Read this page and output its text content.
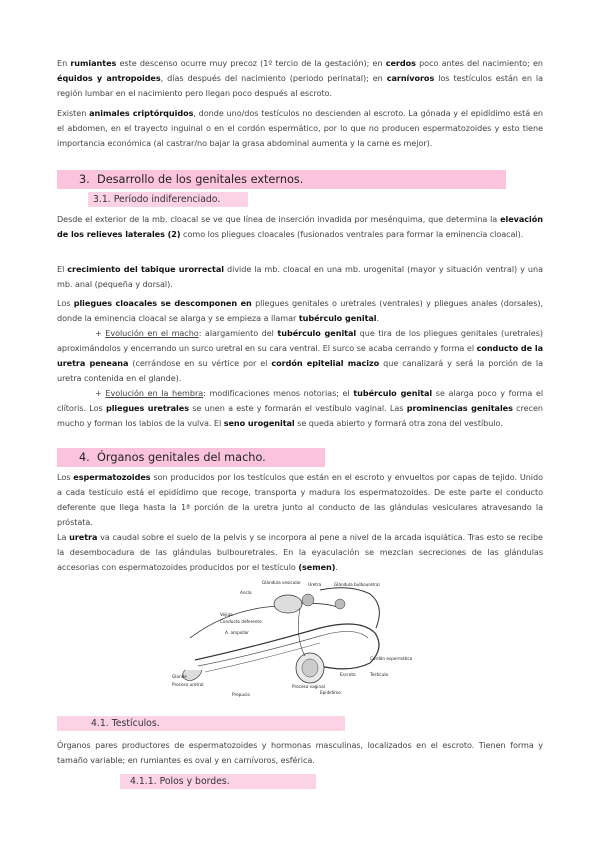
En rumiantes este descenso ocurre muy precoz (1º tercio de la gestación); en cerdos poco antes del nacimiento; en équidos y antropoides, días después del nacimiento (periodo perinatal); en carnívoros los testículos están en la región lumbar en el nacimiento pero llegan poco después al escroto.
Existen animales criptórquidos, donde uno/dos testículos no descienden al escroto. La gónada y el epidídimo está en el abdomen, en el trayecto inguinal o en el cordón espermático, por lo que no producen espermatozoides y esto tiene importancia económica (al castrar/no bajar la grasa abdominal aumenta y la carne es mejor).
3. Desarrollo de los genitales externos.
3.1. Período indiferenciado.
Desde el exterior de la mb. cloacal se ve que línea de inserción invadida por mesénquima, que determina la elevación de los relieves laterales (2) como los pliegues cloacales (fusionados ventrales para formar la eminencia cloacal).
El crecimiento del tabique urorrectal divide la mb. cloacal en una mb. urogenital (mayor y situación ventral) y una mb. anal (pequeña y dorsal).
Los pliegues cloacales se descomponen en pliegues genitales o uretrales (ventrales) y pliegues anales (dorsales), donde la eminencia cloacal se alarga y se empieza a llamar tubérculo genital.
+ Evolución en el macho: alargamiento del tubérculo genital que tira de los pliegues genitales (uretrales) aproximándolos y encerrando un surco uretral en su cara ventral. El surco se acaba cerrando y forma el conducto de la uretra peneana (cerrándose en su vértice por el cordón epitelial macizo que canalizará y será la porción de la uretra contenida en el glande).
+ Evolución en la hembra: modificaciones menos notorias; el tubérculo genital se alarga poco y forma el clítoris. Los pliegues uretrales se unen a este y formarán el vestíbulo vaginal. Las prominencias genitales crecen mucho y forman los labios de la vulva. El seno urogenital se queda abierto y formará otra zona del vestíbulo.
4. Órganos genitales del macho.
Los espermatozoides son producidos por los testículos que están en el escroto y envueltos por capas de tejido. Unido a cada testículo está el epidídimo que recoge, transporta y madura los espermatozoides. De este parte el conducto deferente que llega hasta la 1ª porción de la uretra junto al conducto de las glándulas vesiculares atravesando la próstata.
La uretra va caudal sobre el suelo de la pelvis y se incorpora al pene a nivel de la arcada isquiática. Tras esto se recibe la desembocadura de las glándulas bulbouretrales. En la eyaculación se mezclan secreciones de las glándulas accesorias con espermatozoides producidos por el testículo (semen).
Glándula vesicular Uretra	Glándula bulbouretral
Ancla
Vejiga
Conducto deferente
A. ampollar
Cordón espermático
Testículo
Glande
Proceso uretral
Prepucio
Proceso vaginal
Epidídimo
Escroto
4.1. Testículos.
Órganos pares productores de espermatozoides y hormonas masculinas, localizados en el escroto. Tienen forma y tamaño variable; en rumiantes es oval y en carnívoros, esférica.
4.1.1. Polos y bordes.
